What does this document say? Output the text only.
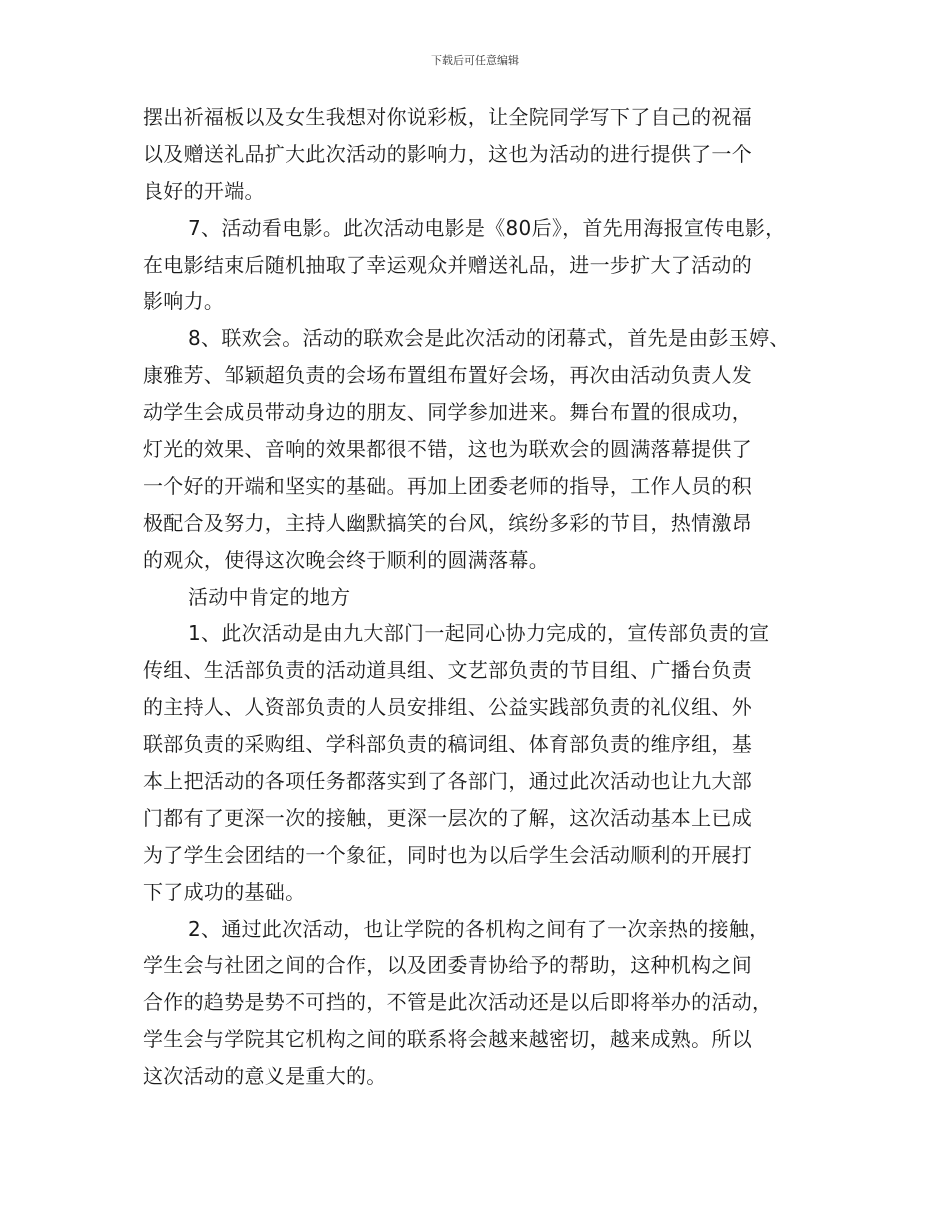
下载后可任意编辑
摆出祈福板以及女生我想对你说彩板，让全院同学写下了自己的祝福
以及赠送礼品扩大此次活动的影响力，这也为活动的进行提供了一个
良好的开端。
7、活动看电影。此次活动电影是《80后》，首先用海报宣传电影，
在电影结束后随机抽取了幸运观众并赠送礼品，进一步扩大了活动的
影响力。
8、联欢会。活动的联欢会是此次活动的闭幕式，首先是由彭玉婷、
康雅芳、邹颖超负责的会场布置组布置好会场，再次由活动负责人发
动学生会成员带动身边的朋友、同学参加进来。舞台布置的很成功，
灯光的效果、音响的效果都很不错，这也为联欢会的圆满落幕提供了
一个好的开端和坚实的基础。再加上团委老师的指导，工作人员的积
极配合及努力，主持人幽默搞笑的台风，缤纷多彩的节目，热情激昂
的观众，使得这次晚会终于顺利的圆满落幕。
活动中肯定的地方
1、此次活动是由九大部门一起同心协力完成的，宣传部负责的宣
传组、生活部负责的活动道具组、文艺部负责的节目组、广播台负责
的主持人、人资部负责的人员安排组、公益实践部负责的礼仪组、外
联部负责的采购组、学科部负责的稿词组、体育部负责的维序组，基
本上把活动的各项任务都落实到了各部门，通过此次活动也让九大部
门都有了更深一次的接触，更深一层次的了解，这次活动基本上已成
为了学生会团结的一个象征，同时也为以后学生会活动顺利的开展打
下了成功的基础。
2、通过此次活动，也让学院的各机构之间有了一次亲热的接触，
学生会与社团之间的合作，以及团委青协给予的帮助，这种机构之间
合作的趋势是势不可挡的，不管是此次活动还是以后即将举办的活动，
学生会与学院其它机构之间的联系将会越来越密切，越来成熟。所以
这次活动的意义是重大的。
